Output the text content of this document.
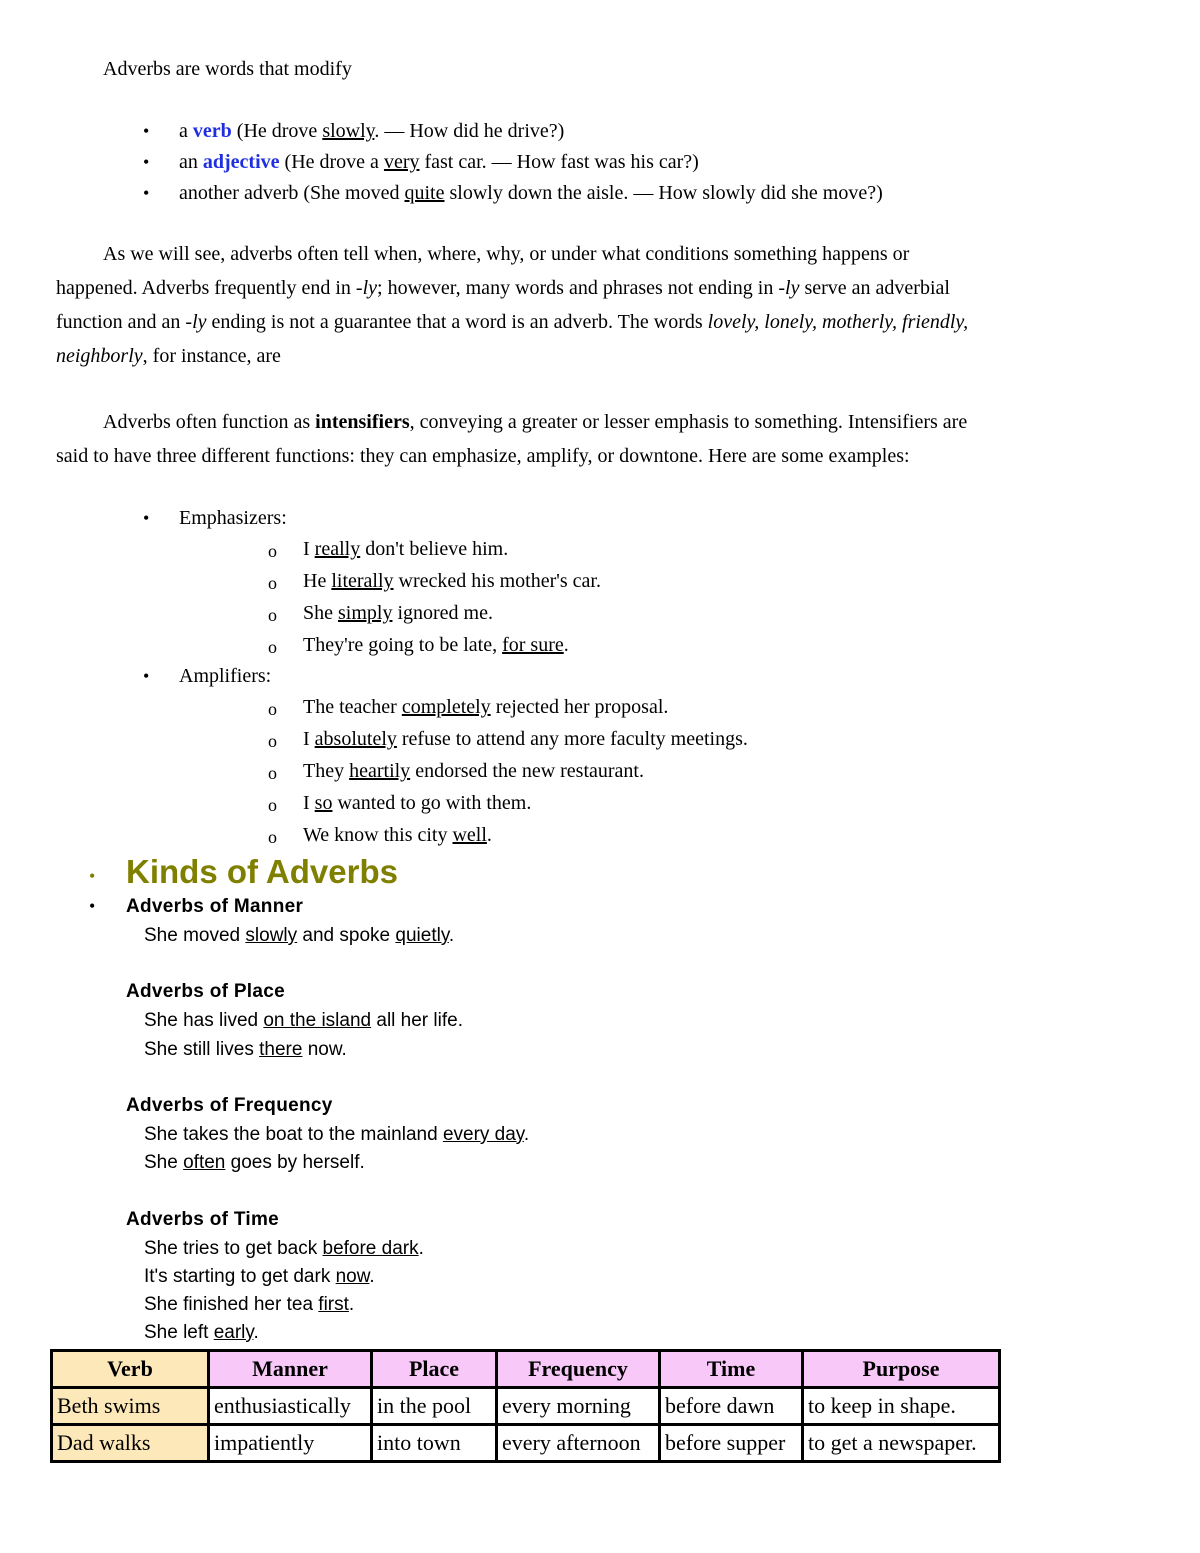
Adverbs are words that modify
• a verb (He drove slowly. — How did he drive?)
• an adjective (He drove a very fast car. — How fast was his car?)
• another adverb (She moved quite slowly down the aisle. — How slowly did she move?)

As we will see, adverbs often tell when, where, why, or under what conditions something happens or

happened. Adverbs frequently end in -ly; however, many words and phrases not ending in -ly serve an adverbial

function and an -ly ending is not a guarantee that a word is an adverb. The words lovely, lonely, motherly, friendly,

neighborly, for instance, are

Adverbs often function as intensifiers, conveying a greater or lesser emphasis to something. Intensifiers are

said to have three different functions: they can emphasize, amplify, or downtone. Here are some examples:

• Emphasizers:
o I really don't believe him.
o He literally wrecked his mother's car.
o She simply ignored me.
o They're going to be late, for sure.
• Amplifiers:
o The teacher completely rejected her proposal.
o I absolutely refuse to attend any more faculty meetings.
o They heartily endorsed the new restaurant.
o I so wanted to go with them.
o We know this city well.
• Kinds of Adverbs
• Adverbs of Manner
She moved slowly and spoke quietly.
Adverbs of Place
She has lived on the island all her life.
She still lives there now.
Adverbs of Frequency
She takes the boat to the mainland every day.
She often goes by herself.
Adverbs of Time
She tries to get back before dark.
It's starting to get dark now.
She finished her tea first.
She left early.
Verb	Manner	Place	Frequency	Time	Purpose
Beth swims	enthusiastically	in the pool	every morning	before dawn	to keep in shape.
Dad walks	impatiently	into town	every afternoon	before supper	to get a newspaper.
